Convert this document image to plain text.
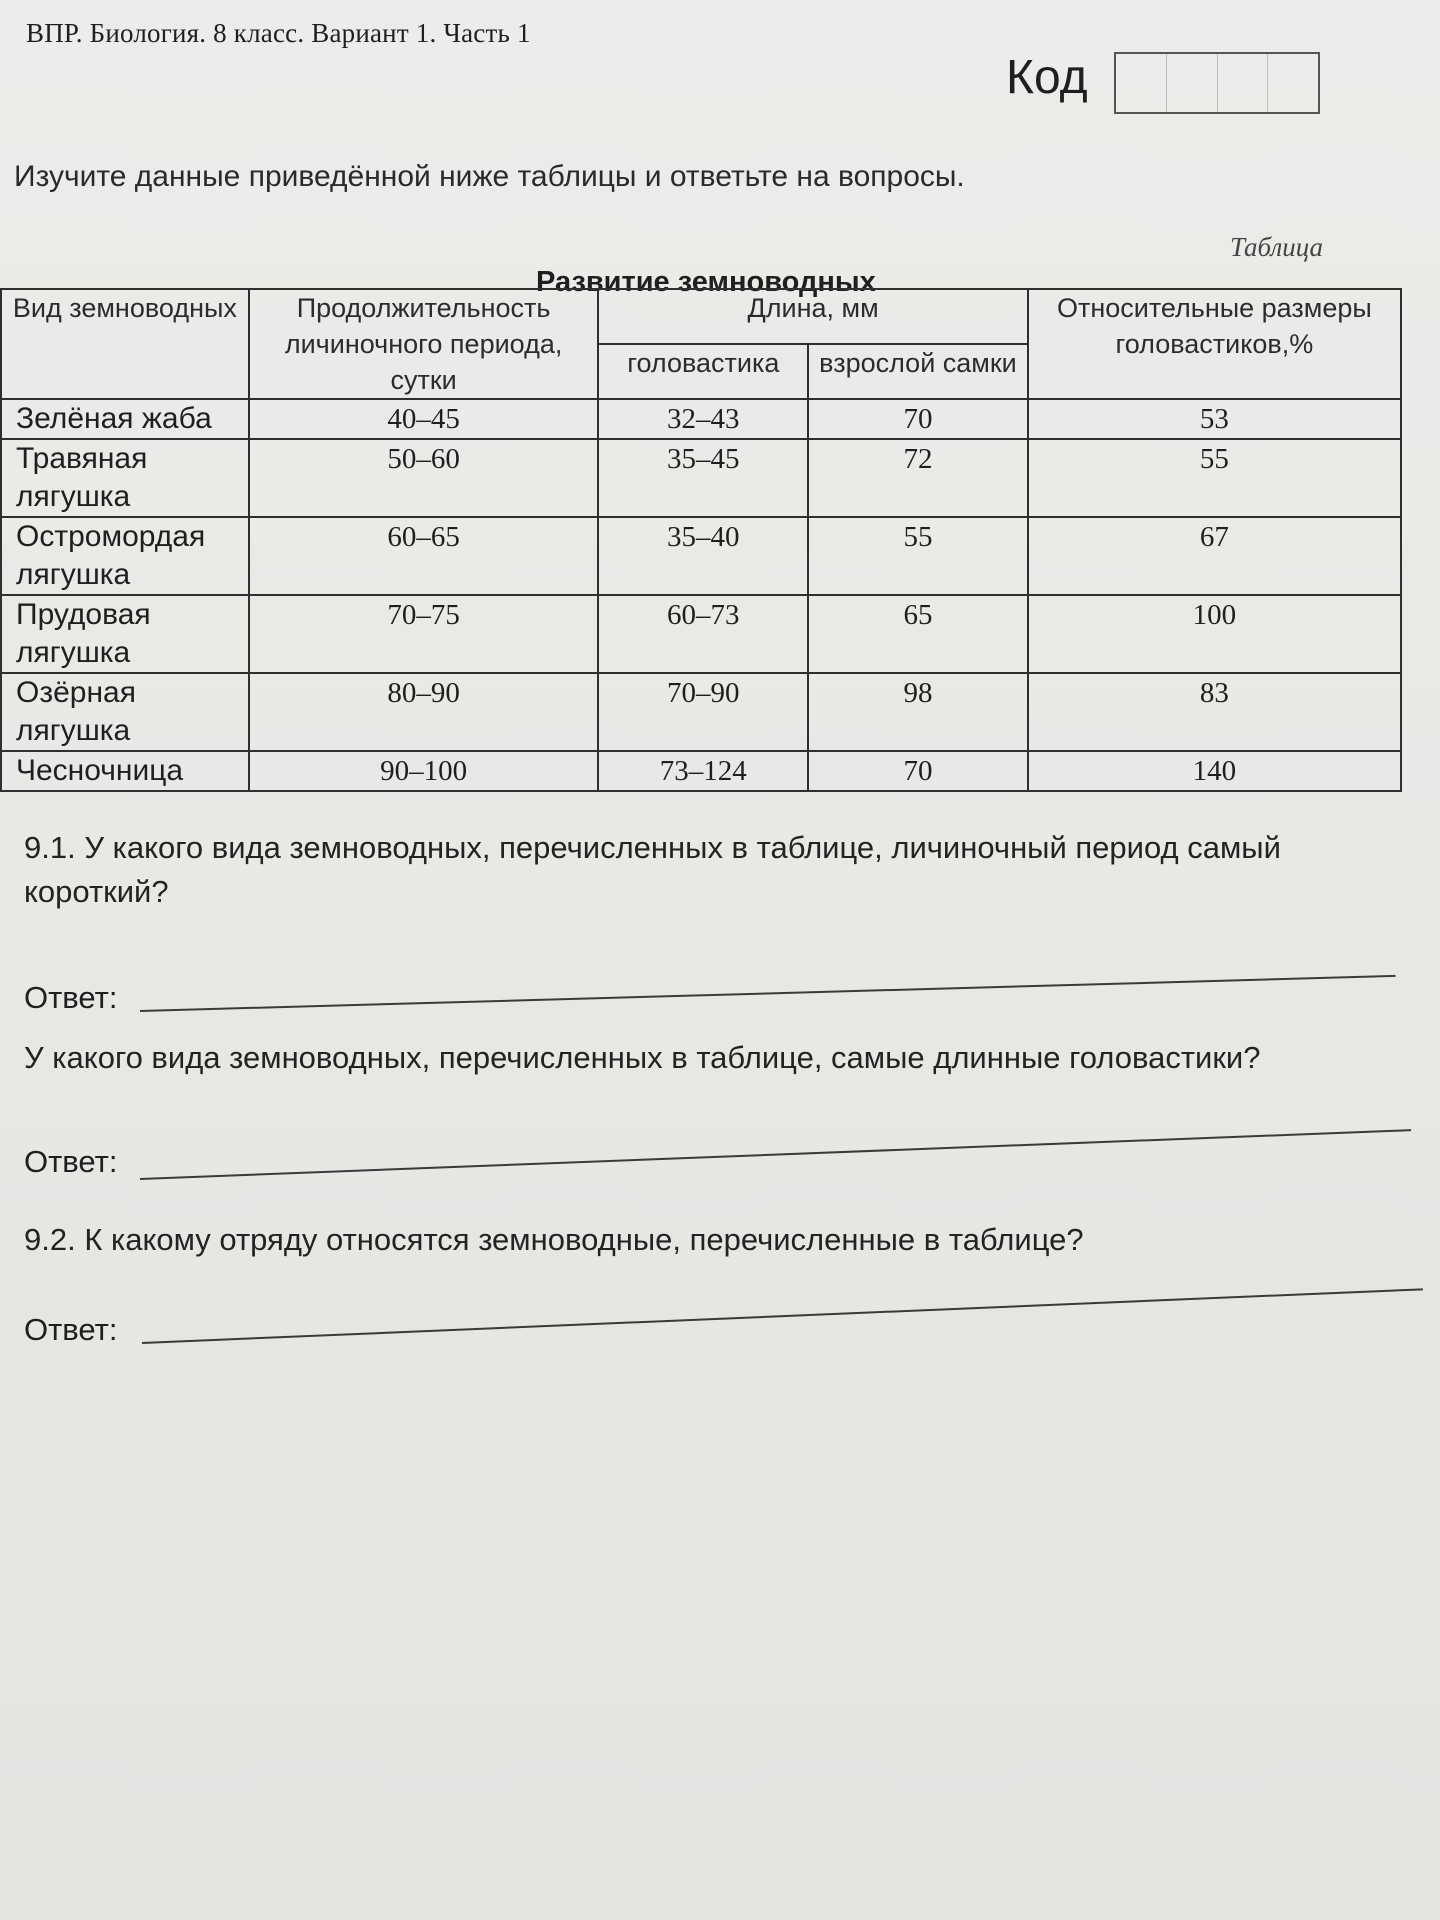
ВПР. Биология. 8 класс. Вариант 1. Часть 1
Код
Изучите данные приведённой ниже таблицы и ответьте на вопросы.
Таблица
Развитие земноводных
Вид земноводных	Продолжительность личиночного периода, сутки	Длина, мм		Относительные размеры головастиков,%
		головастика	взрослой самки	
Зелёная жаба	40–45	32–43	70	53
Травяная лягушка	50–60	35–45	72	55
Остромордая лягушка	60–65	35–40	55	67
Прудовая лягушка	70–75	60–73	65	100
Озёрная лягушка	80–90	70–90	98	83
Чесночница	90–100	73–124	70	140
9.1. У какого вида земноводных, перечисленных в таблице, личиночный период самый короткий?
Ответ:
У какого вида земноводных, перечисленных в таблице, самые длинные головастики?
Ответ:
9.2. К какому отряду относятся земноводные, перечисленные в таблице?
Ответ:
